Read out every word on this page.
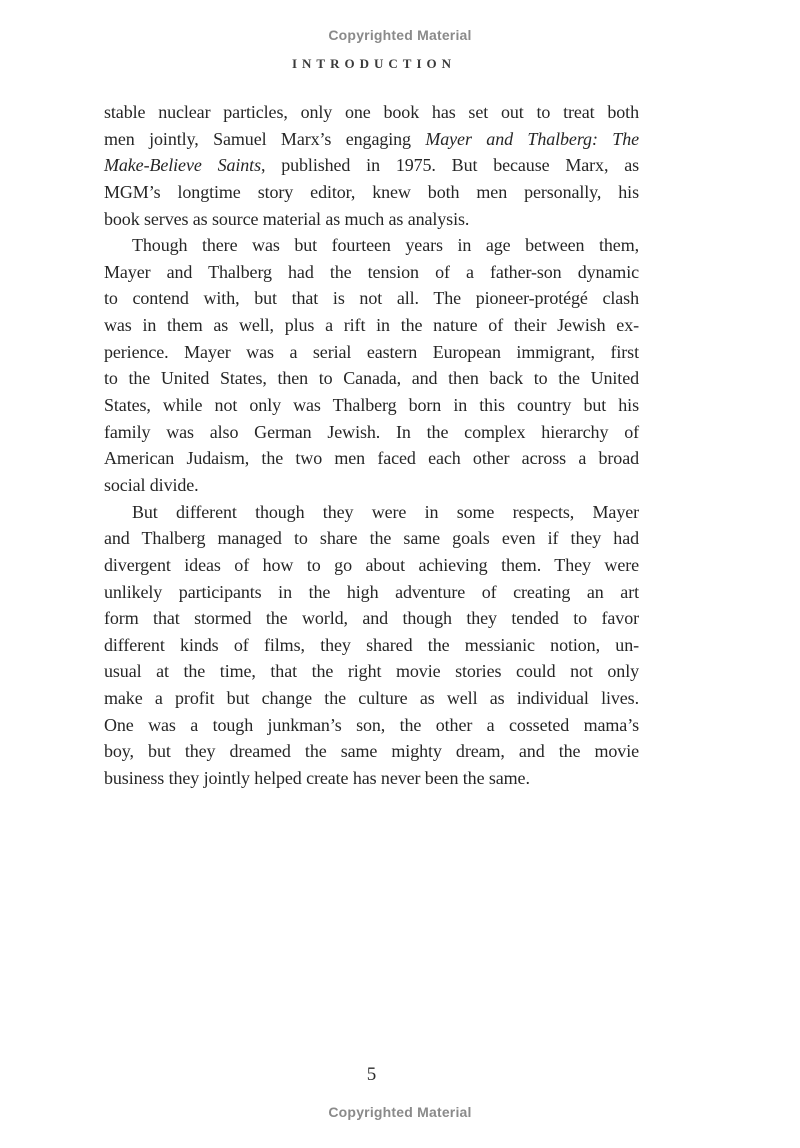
Copyrighted Material
INTRODUCTION
stable nuclear particles, only one book has set out to treat both
men jointly, Samuel Marx’s engaging Mayer and Thalberg: The
Make-Believe Saints, published in 1975. But because Marx, as
MGM’s longtime story editor, knew both men personally, his
book serves as source material as much as analysis.
Though there was but fourteen years in age between them,
Mayer and Thalberg had the tension of a father-son dynamic
to contend with, but that is not all. The pioneer-protégé clash
was in them as well, plus a rift in the nature of their Jewish ex-
perience. Mayer was a serial eastern European immigrant, first
to the United States, then to Canada, and then back to the United
States, while not only was Thalberg born in this country but his
family was also German Jewish. In the complex hierarchy of
American Judaism, the two men faced each other across a broad
social divide.
But different though they were in some respects, Mayer
and Thalberg managed to share the same goals even if they had
divergent ideas of how to go about achieving them. They were
unlikely participants in the high adventure of creating an art
form that stormed the world, and though they tended to favor
different kinds of films, they shared the messianic notion, un-
usual at the time, that the right movie stories could not only
make a profit but change the culture as well as individual lives.
One was a tough junkman’s son, the other a cosseted mama’s
boy, but they dreamed the same mighty dream, and the movie
business they jointly helped create has never been the same.
5
Copyrighted Material
